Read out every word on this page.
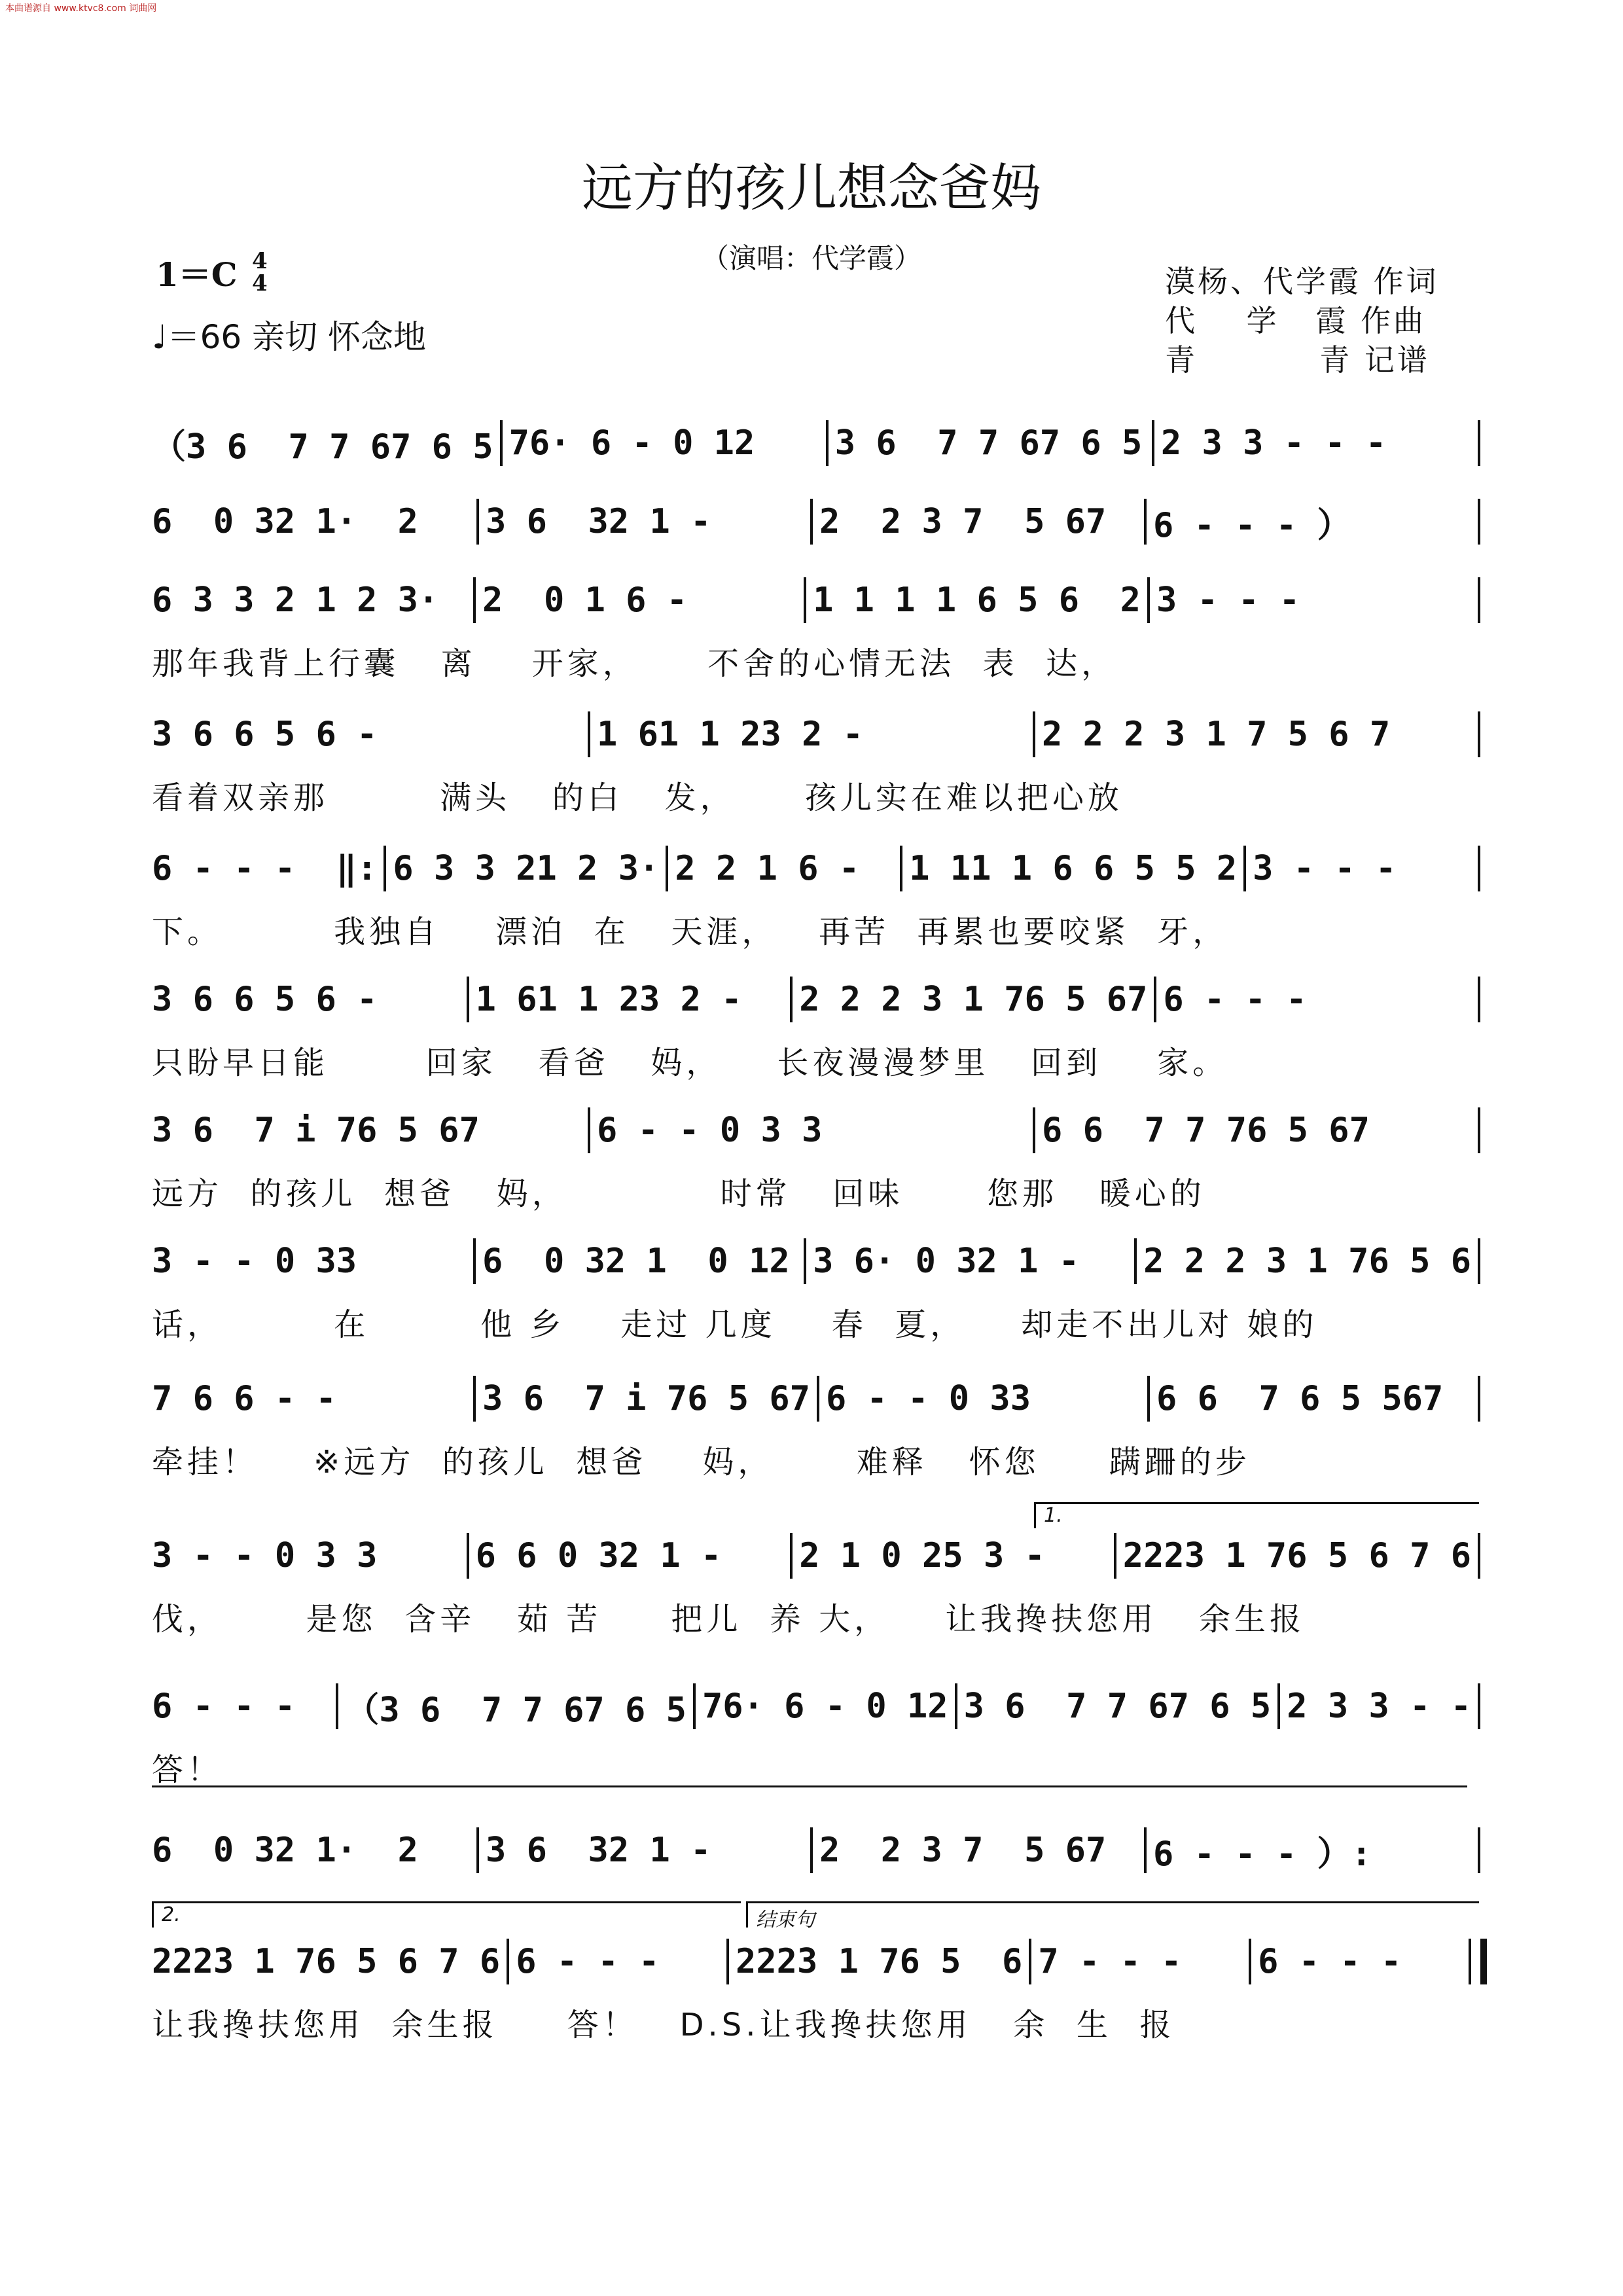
本曲谱源自 www.ktvc8.com 词曲网
远方的孩儿想念爸妈
（演唱：代学霞）
1＝C 4
4
♩＝66 亲切 怀念地
漠杨、代学霞 作词
代    学   霞 作曲
青          青 记谱
（3 6  7 7 67 6 5 76· 6 - 0 12	3 6  7 7 67 6 5 2 3 3 - - -
6  0 32 1·  2	3 6  32 1 -	2  2 3 7  5 67	6 - - - ）
6 3 3 2 1 2 3·	2  0 1 6 -	1 1 1 1 6 5 6  2 3 - - -
那年我背上行囊   离    开家，     不舍的心情无法  表  达，
3 6 6 5 6 -	1 61 1 23 2 -	2 2 2 3 1 7 5 6 7
看着双亲那        满头   的白   发，     孩儿实在难以把心放
6 - - -  ‖: 6 3 3 21 2 3· 2 2 1 6 -	1 11 1 6 6 5 5 2 3 - - -
下。        我独自    漂泊  在   天涯，   再苦  再累也要咬紧  牙，
3 6 6 5 6 -	1 61 1 23 2 -	2 2 2 3 1 76 5 67 6 - - -
只盼早日能       回家   看爸   妈，    长夜漫漫梦里   回到    家。
3 6  7 i 76 5 67	6 - - 0 3 3	6 6  7 7 76 5 67
远方  的孩儿  想爸   妈，           时常   回味      您那   暖心的
3 - - 0 33	6  0 32 1  0 12 3 6· 0 32 1 -	2 2 2 3 1 76 5 6
话，        在        他 乡    走过 几度    春  夏，    却走不出儿对 娘的
7 6 6 - -	3 6  7 i 76 5 67 6 - - 0 33	6 6  7 6 5 567
牵挂！    ※远方  的孩儿  想爸    妈，      难释   怀您     蹒跚的步
3 - - 0 3 3	6 6 0 32 1 -	2 1 0 25 3 -	2223 1 76 5 6 7 6
伐，      是您  含辛   茹 苦     把儿  养 大，    让我搀扶您用   余生报
6 - - -	（3 6  7 7 67 6 5 76· 6 - 0 12 3 6  7 7 67 6 5 2 3 3 - -
答！
6  0 32 1·  2	3 6  32 1 -	2  2 3 7  5 67	6 - - - ）:
2223 1 76 5 6 7 6 6 - - -	2223 1 76 5  6 7 - - -	6 - - -
让我搀扶您用  余生报     答！   D.S.让我搀扶您用   余  生  报
1.
2.	结束句
